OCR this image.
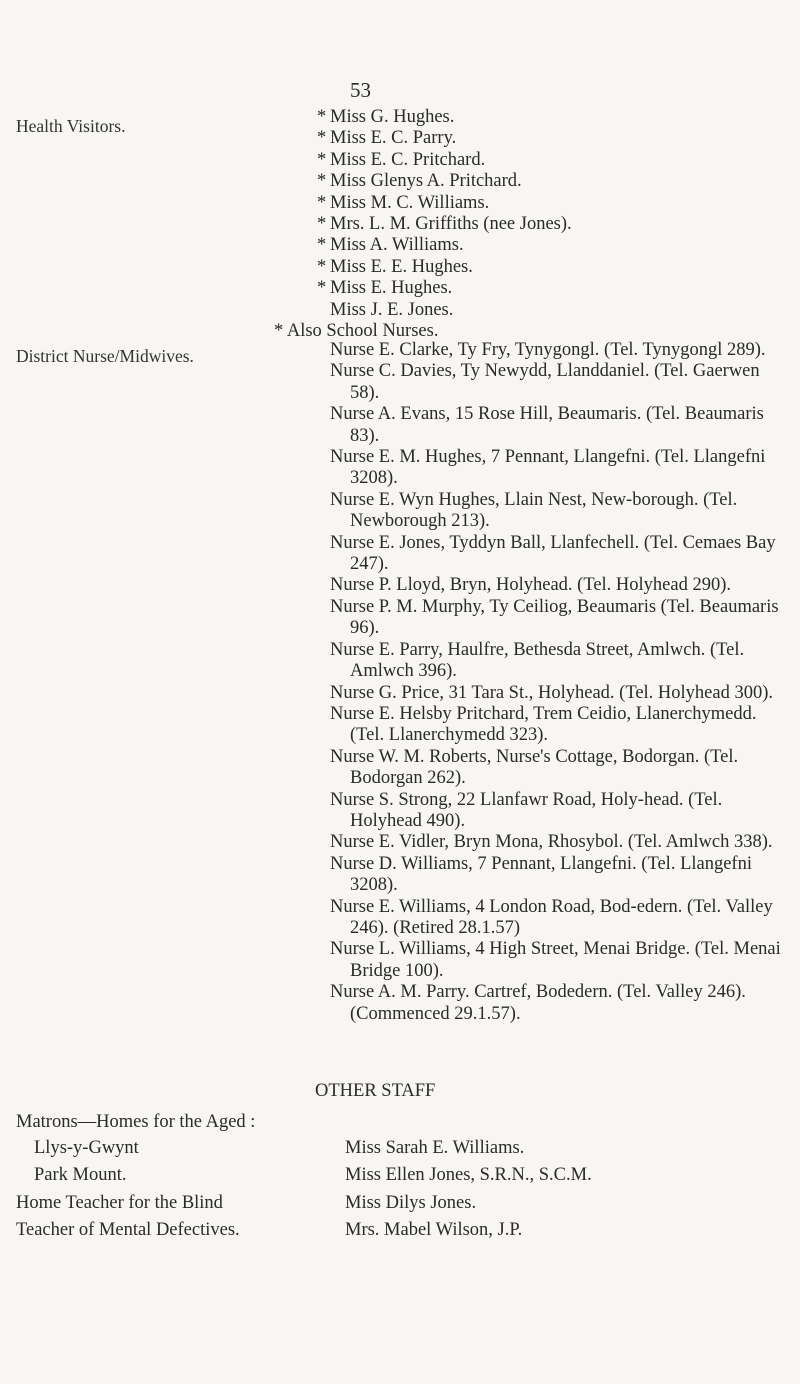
53
Health Visitors.	* Miss G. Hughes.
* Miss E. C. Parry.
* Miss E. C. Pritchard.
* Miss Glenys A. Pritchard.
* Miss M. C. Williams.
* Mrs. L. M. Griffiths (nee Jones).
* Miss A. Williams.
* Miss E. E. Hughes.
* Miss E. Hughes.
Miss J. E. Jones.
* Also School Nurses.
District Nurse/Midwives.	Nurse E. Clarke, Ty Fry, Tynygongl. (Tel. Tynygongl 289).

Nurse C. Davies, Ty Newydd, Llanddaniel. (Tel. Gaerwen 58).

Nurse A. Evans, 15 Rose Hill, Beaumaris. (Tel. Beaumaris 83).

Nurse E. M. Hughes, 7 Pennant, Llangefni. (Tel. Llangefni 3208).

Nurse E. Wyn Hughes, Llain Nest, New-borough. (Tel. Newborough 213).

Nurse E. Jones, Tyddyn Ball, Llanfechell. (Tel. Cemaes Bay 247).

Nurse P. Lloyd, Bryn, Holyhead. (Tel. Holyhead 290).

Nurse P. M. Murphy, Ty Ceiliog, Beaumaris (Tel. Beaumaris 96).

Nurse E. Parry, Haulfre, Bethesda Street, Amlwch. (Tel. Amlwch 396).

Nurse G. Price, 31 Tara St., Holyhead. (Tel. Holyhead 300).

Nurse E. Helsby Pritchard, Trem Ceidio, Llanerchymedd. (Tel. Llanerchymedd 323).

Nurse W. M. Roberts, Nurse's Cottage, Bodorgan. (Tel. Bodorgan 262).

Nurse S. Strong, 22 Llanfawr Road, Holy-head. (Tel. Holyhead 490).

Nurse E. Vidler, Bryn Mona, Rhosybol. (Tel. Amlwch 338).

Nurse D. Williams, 7 Pennant, Llangefni. (Tel. Llangefni 3208).

Nurse E. Williams, 4 London Road, Bod-edern. (Tel. Valley 246). (Retired 28.1.57)

Nurse L. Williams, 4 High Street, Menai Bridge. (Tel. Menai Bridge 100).

Nurse A. M. Parry. Cartref, Bodedern. (Tel. Valley 246). (Commenced 29.1.57).

OTHER STAFF
Matrons—Homes for the Aged :
Llys-y-Gwynt	Miss Sarah E. Williams.
Park Mount.	Miss Ellen Jones, S.R.N., S.C.M.
Home Teacher for the Blind	Miss Dilys Jones.
Teacher of Mental Defectives.	Mrs. Mabel Wilson, J.P.
